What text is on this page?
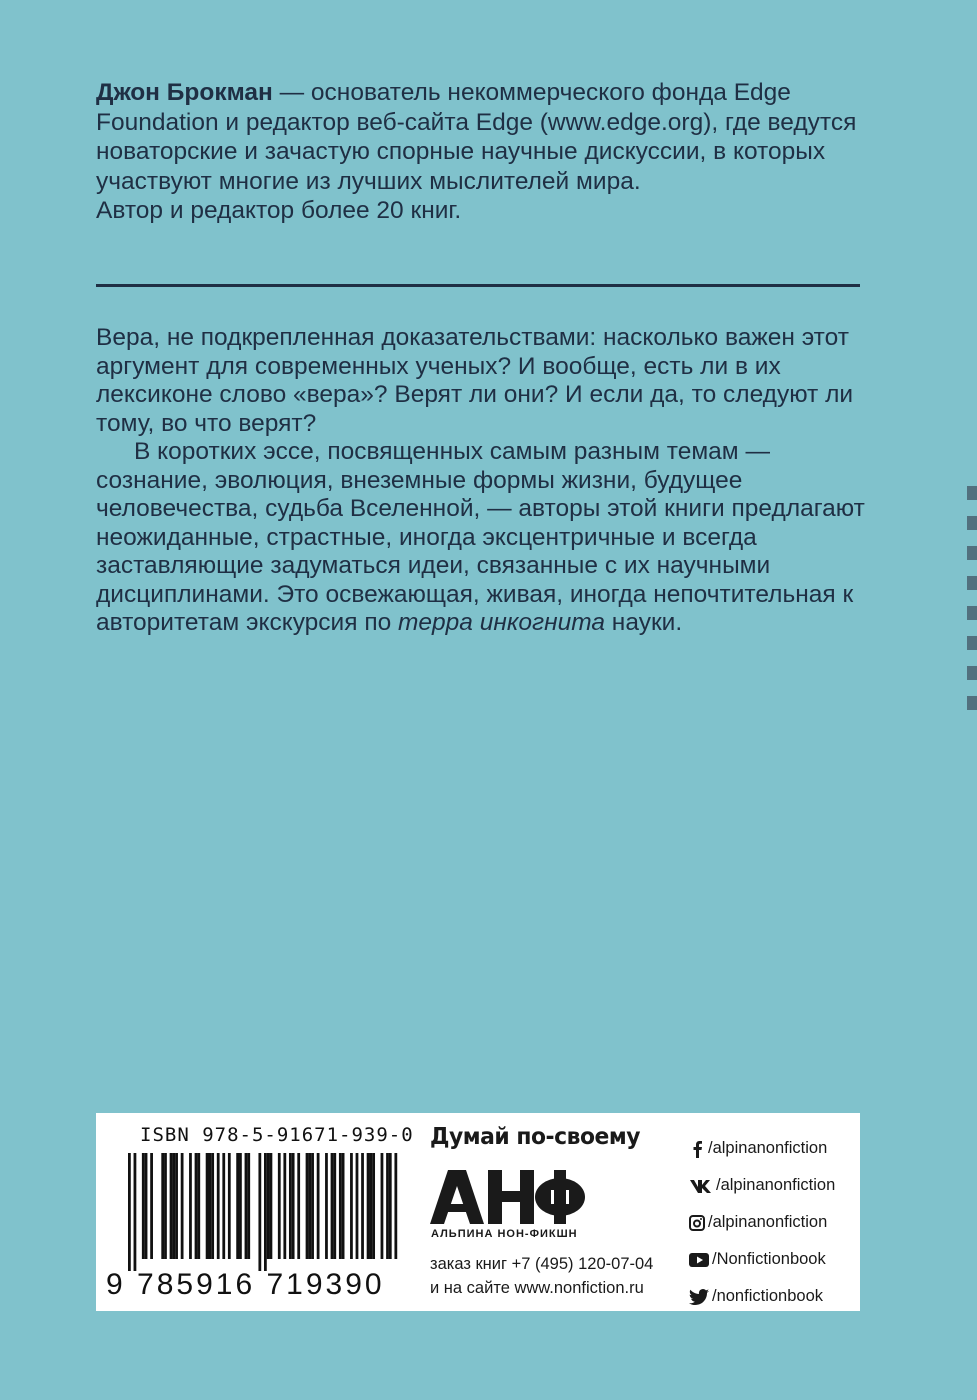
Джон Брокман — основатель некоммерческого фонда Edge Foundation и редактор веб-сайта Edge (www.edge.org), где ведутся новаторские и зачастую спорные научные дискуссии, в которых участвуют многие из лучших мыслителей мира.
Автор и редактор более 20 книг.

Вера, не подкрепленная доказательствами: насколько важен этот аргумент для современных ученых? И вообще, есть ли в их лексиконе слово «вера»? Верят ли они? И если да, то следуют ли тому, во что верят?

В коротких эссе, посвященных самым разным темам — сознание, эволюция, внеземные формы жизни, будущее человечества, судьба Вселенной, — авторы этой книги предлагают неожиданные, страстные, иногда эксцентричные и всегда заставляющие задуматься идеи, связанные с их научными дисциплинами. Это освежающая, живая, иногда непочтительная к авторитетам экскурсия по терра инкогнита науки.

ISBN 978-5-91671-939-0
9 785916 719390
Думай по-своему
АЛЬПИНА НОН-ФИКШН
заказ книг +7 (495) 120-07-04
и на сайте www.nonfiction.ru
/alpinanonfiction
/alpinanonfiction
/alpinanonfiction
/Nonfictionbook
/nonfictionbook
